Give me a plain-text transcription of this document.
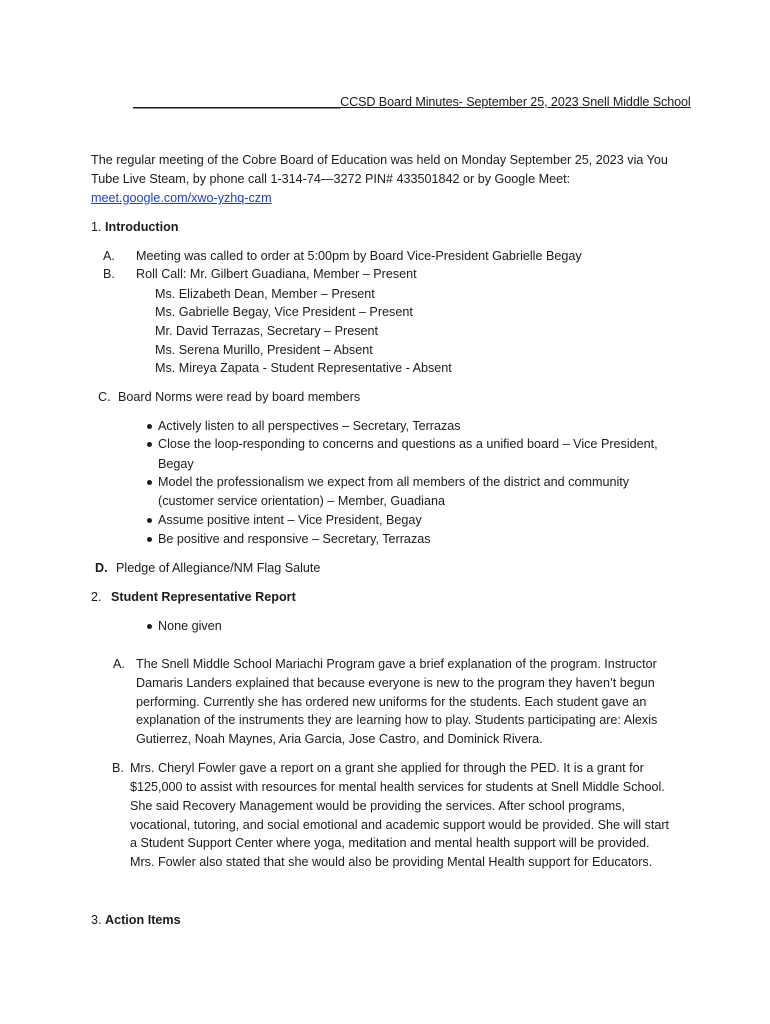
______________________________CCSD Board Minutes- September 25, 2023 Snell Middle School
The regular meeting of the Cobre Board of Education was held on Monday September 25, 2023 via You
Tube Live Steam, by phone call 1-314-74—3272 PIN# 433501842 or by Google Meet:
meet.google.com/xwo-yzhq-czm
1. Introduction
A. Meeting was called to order at 5:00pm by Board Vice-President Gabrielle Begay
B. Roll Call: Mr. Gilbert Guadiana, Member – Present
Ms. Elizabeth Dean, Member – Present
Ms. Gabrielle Begay, Vice President – Present
Mr. David Terrazas, Secretary – Present
Ms. Serena Murillo, President – Absent
Ms. Mireya Zapata - Student Representative - Absent
C. Board Norms were read by board members
Actively listen to all perspectives – Secretary, Terrazas
Close the loop-responding to concerns and questions as a unified board – Vice President,
Begay
Model the professionalism we expect from all members of the district and community
(customer service orientation) – Member, Guadiana
Assume positive intent – Vice President, Begay
Be positive and responsive – Secretary, Terrazas
D. Pledge of Allegiance/NM Flag Salute
2. Student Representative Report
None given
A. The Snell Middle School Mariachi Program gave a brief explanation of the program. Instructor
Damaris Landers explained that because everyone is new to the program they haven’t begun
performing. Currently she has ordered new uniforms for the students. Each student gave an
explanation of the instruments they are learning how to play. Students participating are: Alexis
Gutierrez, Noah Maynes, Aria Garcia, Jose Castro, and Dominick Rivera.
B. Mrs. Cheryl Fowler gave a report on a grant she applied for through the PED. It is a grant for
$125,000 to assist with resources for mental health services for students at Snell Middle School.
She said Recovery Management would be providing the services. After school programs,
vocational, tutoring, and social emotional and academic support would be provided. She will start
a Student Support Center where yoga, meditation and mental health support will be provided.
Mrs. Fowler also stated that she would also be providing Mental Health support for Educators.
3. Action Items
